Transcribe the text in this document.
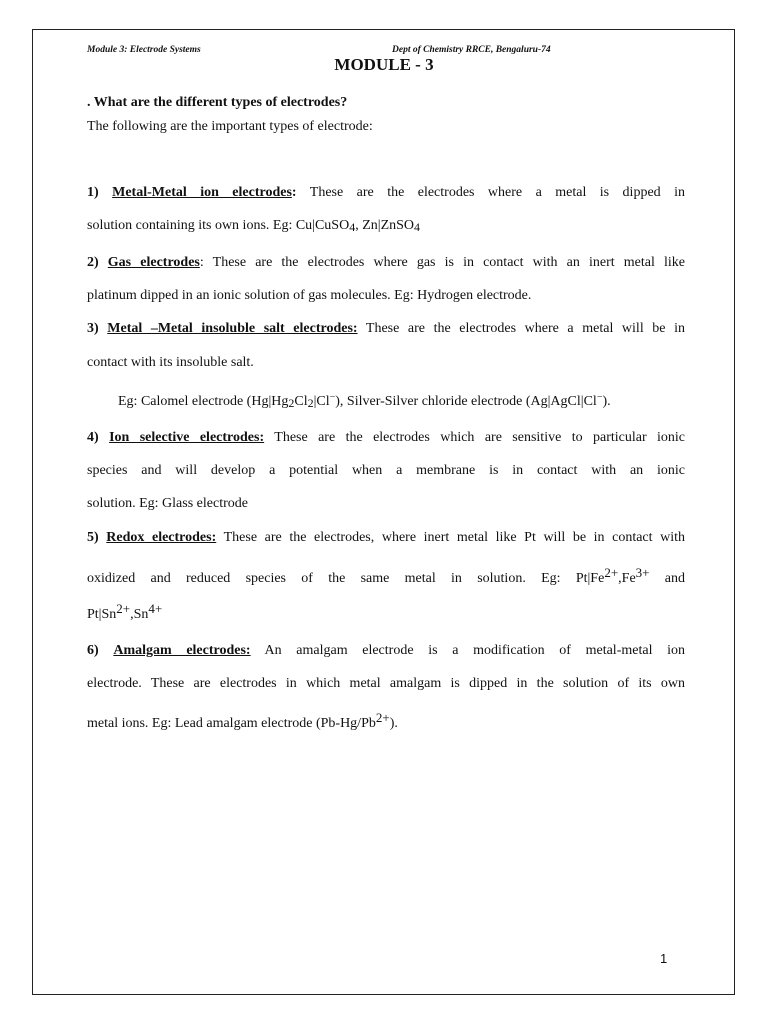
Module 3: Electrode Systems	Dept of Chemistry RRCE, Bengaluru-74
MODULE - 3
. What are the different types of electrodes?
The following are the important types of electrode:
1) Metal-Metal ion electrodes: These are the electrodes where a metal is dipped in
solution containing its own ions. Eg: Cu|CuSO4, Zn|ZnSO4
2) Gas electrodes: These are the electrodes where gas is in contact with an inert metal like
platinum dipped in an ionic solution of gas molecules. Eg: Hydrogen electrode.
3) Metal –Metal insoluble salt electrodes: These are the electrodes where a metal will be in
contact with its insoluble salt.
Eg: Calomel electrode (Hg|Hg2Cl2|Cl−), Silver-Silver chloride electrode (Ag|AgCl|Cl−).
4) Ion selective electrodes: These are the electrodes which are sensitive to particular ionic
species and will develop a potential when a membrane is in contact with an ionic
solution. Eg: Glass electrode
5) Redox electrodes: These are the electrodes, where inert metal like Pt will be in contact with
oxidized and reduced species of the same metal in solution. Eg: Pt|Fe2+,Fe3+ and
Pt|Sn2+,Sn4+
6) Amalgam electrodes: An amalgam electrode is a modification of metal-metal ion
electrode. These are electrodes in which metal amalgam is dipped in the solution of its own
metal ions. Eg: Lead amalgam electrode (Pb-Hg/Pb2+).
1
